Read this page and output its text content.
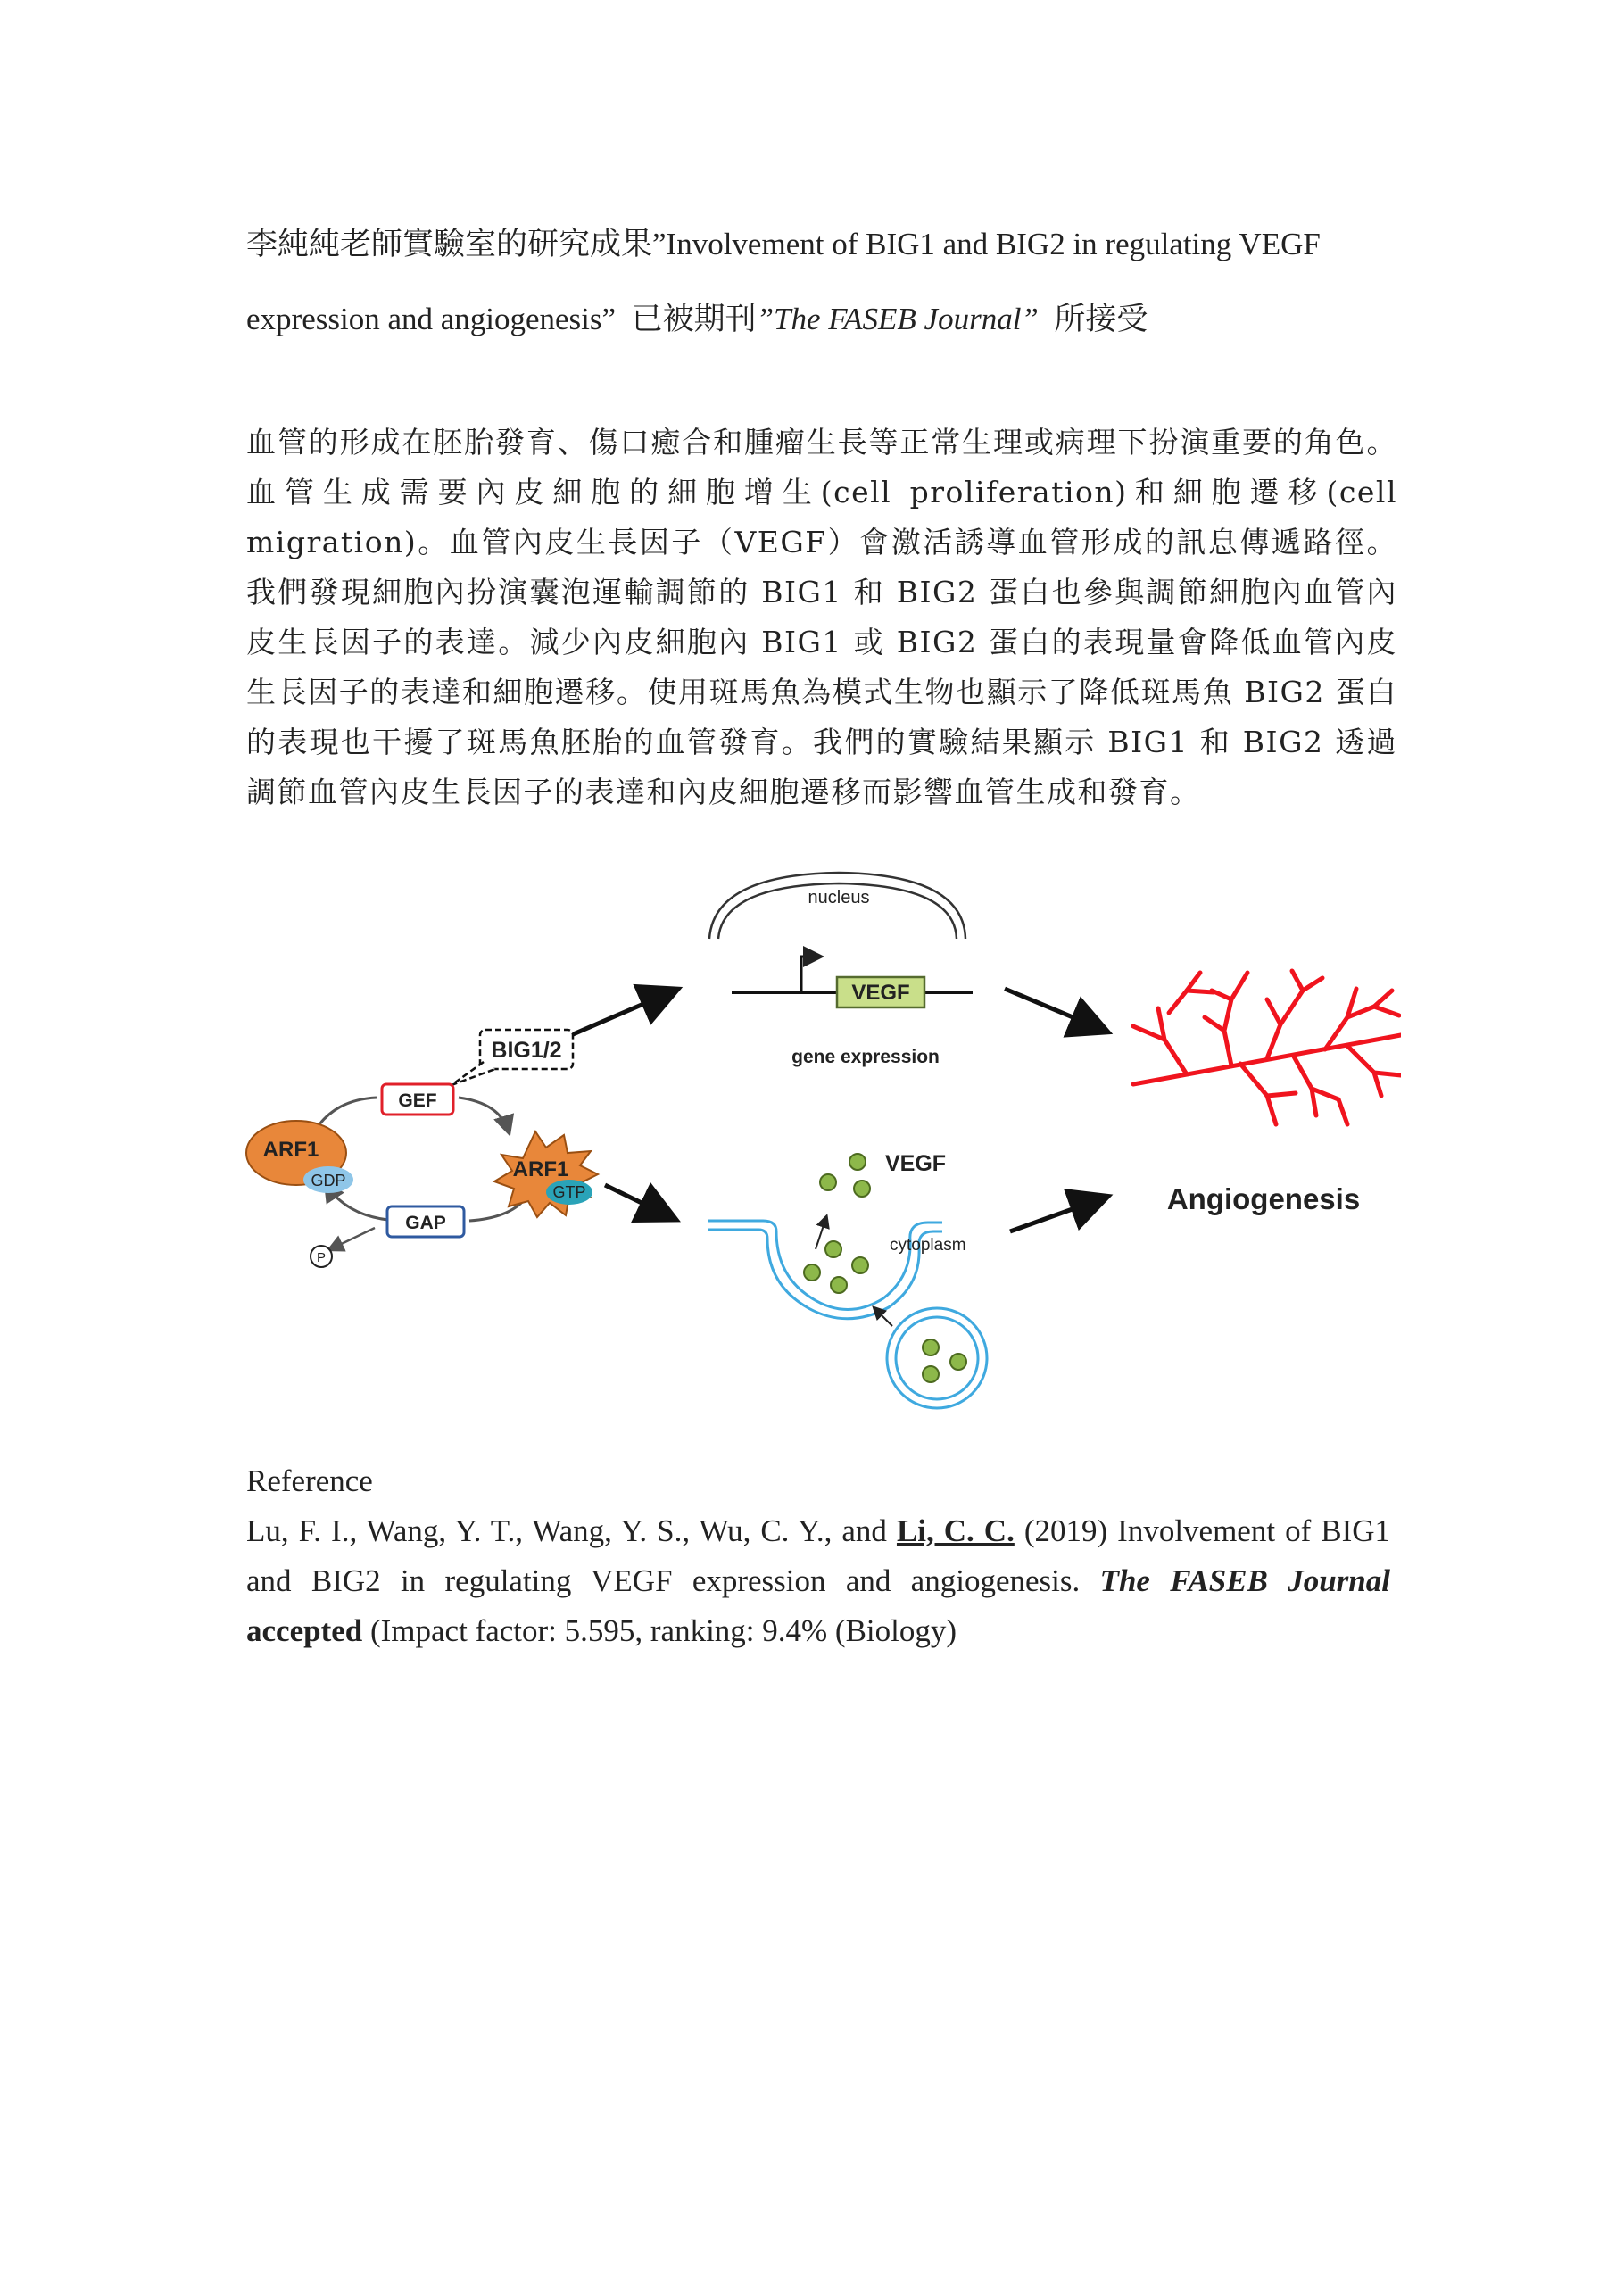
李純純老師實驗室的研究成果”Involvement of BIG1 and BIG2 in regulating VEGF expression and angiogenesis” 已被期刊”The FASEB Journal” 所接受
血管的形成在胚胎發育、傷口癒合和腫瘤生長等正常生理或病理下扮演重要的角色。血管生成需要內皮細胞的細胞增生(cell proliferation)和細胞遷移(cell migration)。血管內皮生長因子（VEGF）會激活誘導血管形成的訊息傳遞路徑。我們發現細胞內扮演囊泡運輸調節的 BIG1 和 BIG2 蛋白也參與調節細胞內血管內皮生長因子的表達。減少內皮細胞內 BIG1 或 BIG2 蛋白的表現量會降低血管內皮生長因子的表達和細胞遷移。使用斑馬魚為模式生物也顯示了降低斑馬魚 BIG2 蛋白的表現也干擾了斑馬魚胚胎的血管發育。我們的實驗結果顯示 BIG1 和 BIG2 透過調節血管內皮生長因子的表達和內皮細胞遷移而影響血管生成和發育。
nucleus
VEGF
gene expression
BIG1/2
GEF
ARF1
GDP
P
ARF1
GTP
GAP
VEGF
cytoplasm
Angiogenesis
Reference
Lu, F. I., Wang, Y. T., Wang, Y. S., Wu, C. Y., and Li, C. C. (2019) Involvement of BIG1 and BIG2 in regulating VEGF expression and angiogenesis. The FASEB Journal accepted (Impact factor: 5.595, ranking: 9.4% (Biology)
